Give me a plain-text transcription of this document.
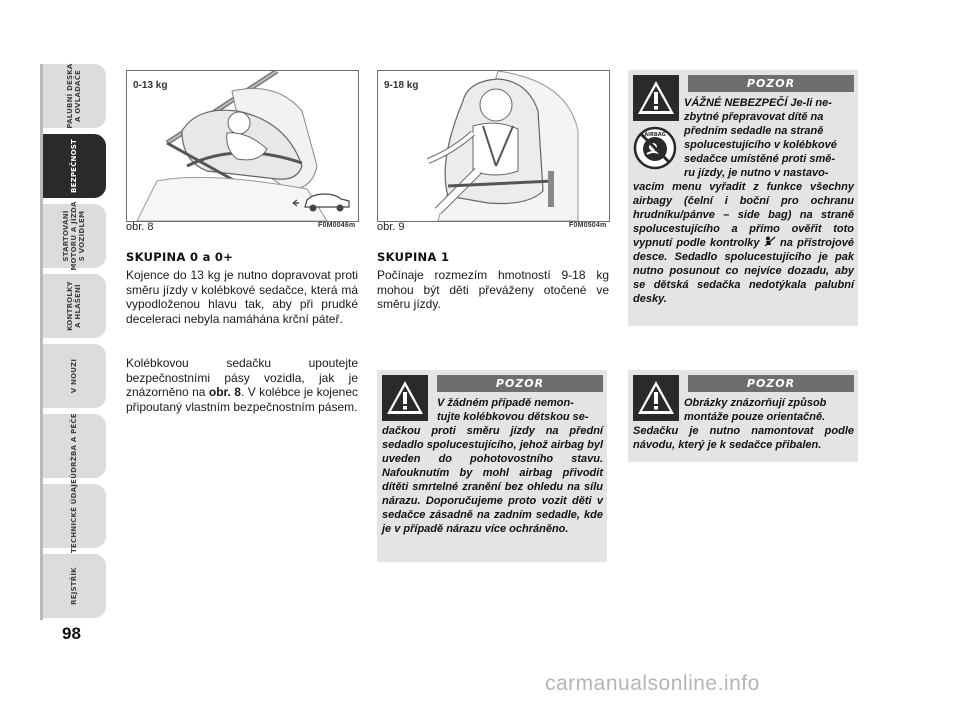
PALUBNÍ DESKA
A OVLADAČE
BEZPEČNOST
STARTOVÁNÍ
MOTORU A JÍZDA
S VOZIDLEM
KONTROLKY
A HLÁŠENÍ
V NOUZI
ÚDRŽBA A PÉČE
TECHNICKÉ ÚDAJE
REJSTŘÍK
98
0-13 kg
obr. 8	F0M0046m
9-18 kg
obr. 9	F0M0504m
SKUPINA 0 a 0+

Kojence do 13 kg je nutno dopravovat proti směru jízdy v kolébkové sedačce, která má vypodloženou hlavu tak, aby při prudké deceleraci nebyla namáhána krční páteř.

Kolébkovou sedačku upoutejte bezpečnostními pásy vozidla, jak je znázorněno na obr. 8. V kolébce je kojenec připoutaný vlastním bezpečnostním pásem.

SKUPINA 1

Počínaje rozmezím hmotností 9-18 kg mohou být děti převáženy otočené ve směru jízdy.

POZOR
V žádném případě nemon-
tujte kolébkovou dětskou se-
dačkou proti směru jízdy na přední sedadlo spolucestujícího, jehož airbag byl uveden do pohotovostního stavu. Nafouknutím by mohl airbag přivodit dítěti smrtelné zranění bez ohledu na sílu nárazu. Doporučujeme proto vozit děti v sedačce zásadně na zadním sedadle, kde je v případě nárazu více ochráněno.
AIRBAG
POZOR
VÁŽNÉ NEBEZPEČÍ Je-li ne-
zbytné přepravovat dítě na
předním sedadle na straně
spolucestujícího v kolébkové
sedačce umístěné proti smě-
ru jízdy, je nutno v nastavo-
vacím menu vyřadit z funkce všechny airbagy (čelní i boční pro ochranu hrudníku/pánve – side bag) na straně spolucestujícího a přímo ověřit toto vypnutí podle kontrolky  na přístrojové desce. Sedadlo spolucestujícího je pak nutno posunout co nejvíce dozadu, aby se dětská sedačka nedotýkala palubní desky.
POZOR
Obrázky znázorňují způsob
montáže pouze orientačně.
Sedačku je nutno namontovat podle návodu, který je k sedačce přibalen.
carmanualsonline.info
